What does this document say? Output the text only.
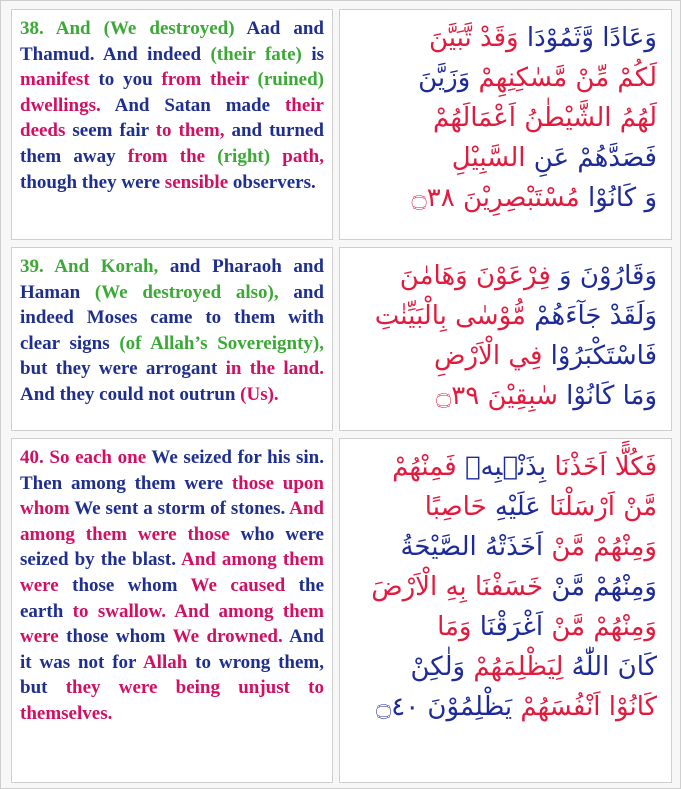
38. And (We destroyed) Aad and Thamud. And indeed (their fate) is manifest to you from their (ruined) dwellings. And Satan made their deeds seem fair to them, and turned them away from the (right) path, though they were sensible observers.
وَعَادًا وَّثَمُوْدَا وَقَدْ تَّبَيَّنَ
لَكُمْ مِّنْ مَّسٰكِنِهِمْ وَزَيَّنَ
لَهُمُ الشَّيْطٰنُ اَعْمَالَهُمْ
فَصَدَّهُمْ عَنِ السَّبِيْلِ
وَ كَانُوْا مُسْتَبْصِرِيْنَ ۝٣٨
39. And Korah, and Pharaoh and Haman (We destroyed also), and indeed Moses came to them with clear signs (of Allah’s Sovereignty), but they were arrogant in the land. And they could not outrun (Us).
وَقَارُوْنَ وَ فِرْعَوْنَ وَهَامٰنَ
وَلَقَدْ جَآءَهُمْ مُّوْسٰى بِالْبَيِّنٰتِ
فَاسْتَكْبَرُوْا فِي الْاَرْضِ
وَمَا كَانُوْا سٰبِقِيْنَ ۝٣٩
40. So each one We seized for his sin. Then among them were those upon whom We sent a storm of stones. And among them were those who were seized by the blast. And among them were those whom We caused the earth to swallow. And among them were those whom We drowned. And it was not for Allah to wrong them, but they were being unjust to themselves.
فَكُلًّا اَخَذْنَا بِذَنْۢبِهٖ فَمِنْهُمْ
مَّنْ اَرْسَلْنَا عَلَيْهِ حَاصِبًا
وَمِنْهُمْ مَّنْ اَخَذَتْهُ الصَّيْحَةُ
وَمِنْهُمْ مَّنْ خَسَفْنَا بِهِ الْاَرْضَ
وَمِنْهُمْ مَّنْ اَغْرَقْنَا وَمَا
كَانَ اللّٰهُ لِيَظْلِمَهُمْ وَلٰكِنْ
كَانُوْا اَنْفُسَهُمْ يَظْلِمُوْنَ ۝٤٠
